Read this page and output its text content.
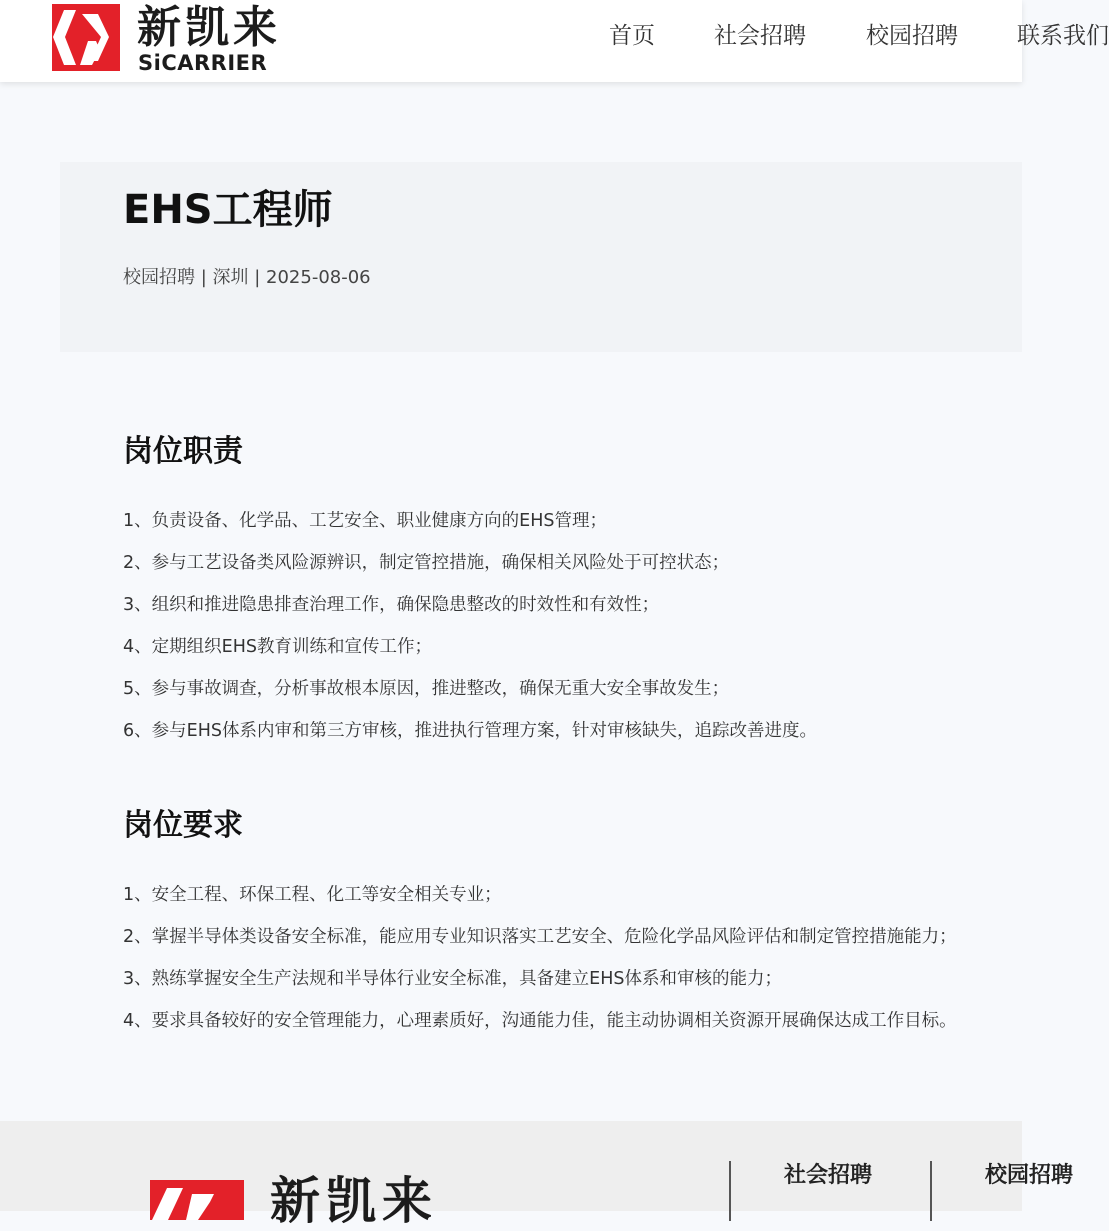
新凯来
SiCARRIER
首页	社会招聘	校园招聘	联系我们
EHS工程师
校园招聘 | 深圳 | 2025-08-06
岗位职责
1、负责设备、化学品、工艺安全、职业健康方向的EHS管理；
2、参与工艺设备类风险源辨识，制定管控措施，确保相关风险处于可控状态；
3、组织和推进隐患排查治理工作，确保隐患整改的时效性和有效性；
4、定期组织EHS教育训练和宣传工作；
5、参与事故调查，分析事故根本原因，推进整改，确保无重大安全事故发生；
6、参与EHS体系内审和第三方审核，推进执行管理方案，针对审核缺失，追踪改善进度。
岗位要求
1、安全工程、环保工程、化工等安全相关专业；
2、掌握半导体类设备安全标准，能应用专业知识落实工艺安全、危险化学品风险评估和制定管控措施能力；
3、熟练掌握安全生产法规和半导体行业安全标准，具备建立EHS体系和审核的能力；
4、要求具备较好的安全管理能力，心理素质好，沟通能力佳，能主动协调相关资源开展确保达成工作目标。
新凯来	社会招聘	校园招聘
